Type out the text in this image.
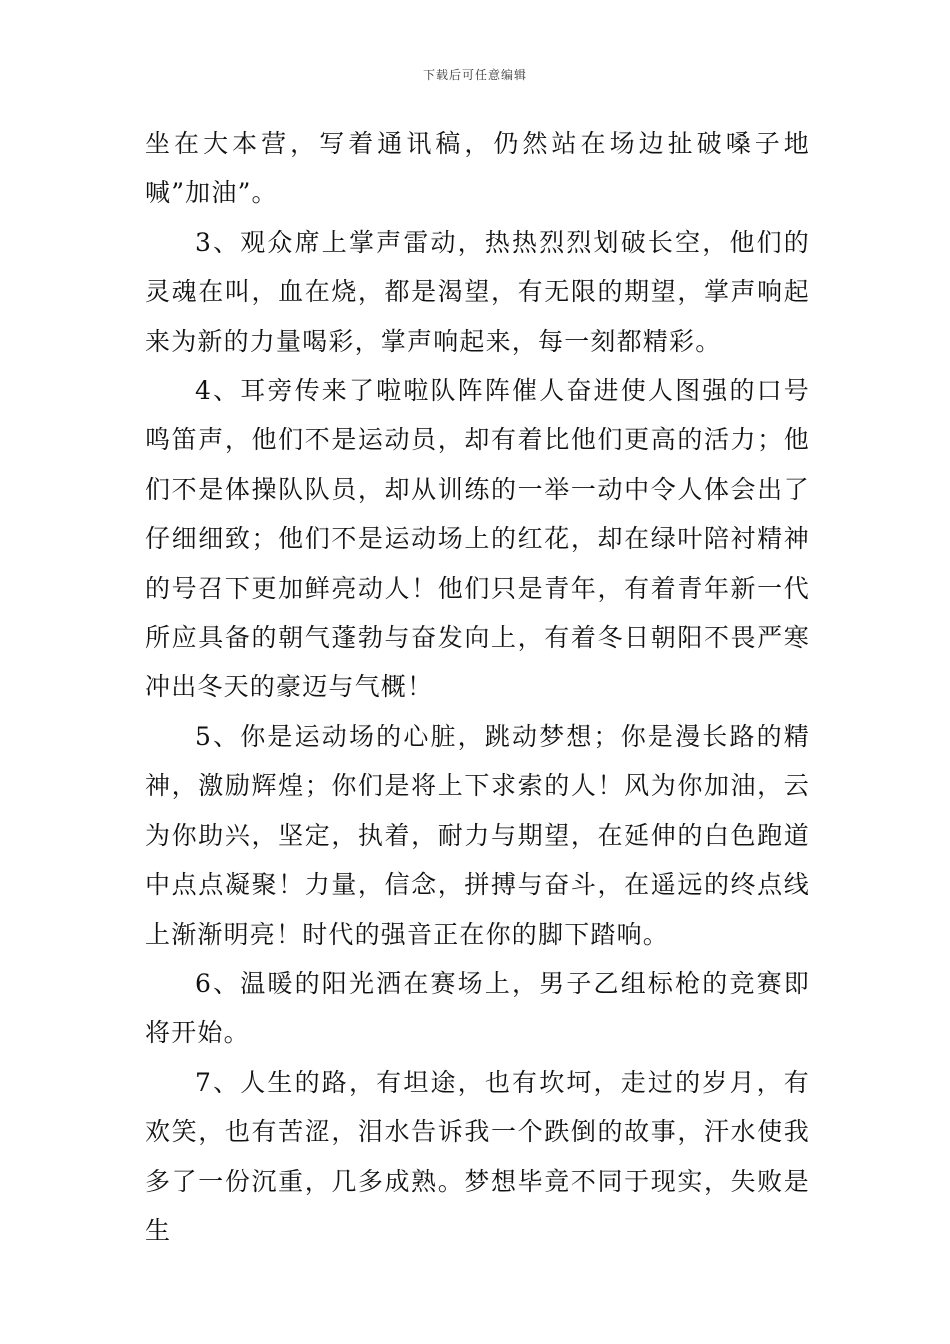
下载后可任意编辑

坐在大本营，写着通讯稿，仍然站在场边扯破嗓子地喊”加油”。

3、观众席上掌声雷动，热热烈烈划破长空，他们的灵魂在叫，血在烧，都是渴望，有无限的期望，掌声响起来为新的力量喝彩，掌声响起来，每一刻都精彩。

4、耳旁传来了啦啦队阵阵催人奋进使人图强的口号鸣笛声，他们不是运动员，却有着比他们更高的活力；他们不是体操队队员，却从训练的一举一动中令人体会出了仔细细致；他们不是运动场上的红花，却在绿叶陪衬精神的号召下更加鲜亮动人！他们只是青年，有着青年新一代所应具备的朝气蓬勃与奋发向上，有着冬日朝阳不畏严寒冲出冬天的豪迈与气概！

5、你是运动场的心脏，跳动梦想；你是漫长路的精神，激励辉煌；你们是将上下求索的人！风为你加油，云为你助兴，坚定，执着，耐力与期望，在延伸的白色跑道中点点凝聚！力量，信念，拼搏与奋斗，在遥远的终点线上渐渐明亮！时代的强音正在你的脚下踏响。

6、温暖的阳光洒在赛场上，男子乙组标枪的竞赛即将开始。

7、人生的路，有坦途，也有坎坷，走过的岁月，有欢笑，也有苦涩，泪水告诉我一个跌倒的故事，汗水使我多了一份沉重，几多成熟。梦想毕竟不同于现实，失败是生
